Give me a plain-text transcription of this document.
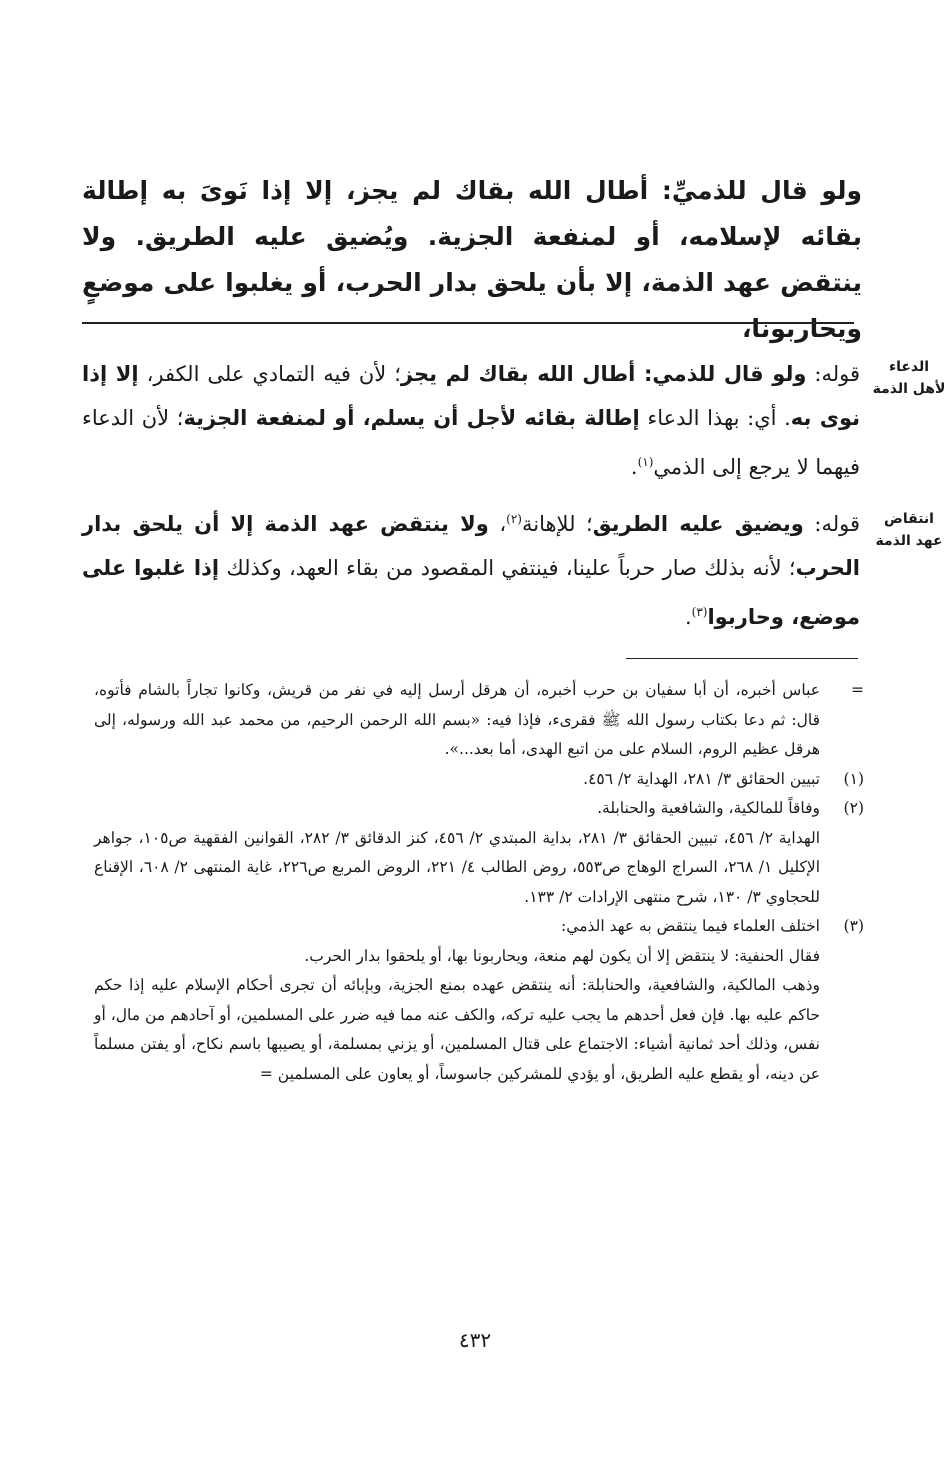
ولو قال للذميِّ: أطال الله بقاك لم يجز، إلا إذا نَوىَ به إطالة بقائه لإسلامه، أو لمنفعة الجزية. ويُضيق عليه الطريق. ولا ينتقض عهد الذمة، إلا بأن يلحق بدار الحرب، أو يغلبوا على موضعٍ ويحاربونا،
الدعاء لأهل الذمة
انتقاض عهد الذمة

قوله: ولو قال للذمي: أطال الله بقاك لم يجز؛ لأن فيه التمادي على الكفر، إلا إذا نوى به. أي: بهذا الدعاء إطالة بقائه لأجل أن يسلم، أو لمنفعة الجزية؛ لأن الدعاء فيهما لا يرجع إلى الذمي$^{(١)}$.

قوله: ويضيق عليه الطريق؛ للإهانة$^{(٢)}$، ولا ينتقض عهد الذمة إلا أن يلحق بدار الحرب؛ لأنه بذلك صار حرباً علينا، فينتفي المقصود من بقاء العهد، وكذلك إذا غلبوا على موضع، وحاربوا$^{(٣)}$.

=
عباس أخبره، أن أبا سفيان بن حرب أخبره، أن هرقل أرسل إليه في نفر من قريش، وكانوا تجاراً بالشام فأتوه، قال: ثم دعا بكتاب رسول الله ﷺ فقرىء، فإذا فيه: «بسم الله الرحمن الرحيم، من محمد عبد الله ورسوله، إلى هرقل عظيم الروم، السلام على من اتبع الهدى، أما بعد...».
(١)
تبيين الحقائق ٣/ ٢٨١، الهداية ٢/ ٤٥٦.
(٢)
وفاقاً للمالكية، والشافعية والحنابلة.
الهداية ٢/ ٤٥٦، تبيين الحقائق ٣/ ٢٨١، بداية المبتدي ٢/ ٤٥٦، كنز الدقائق ٣/ ٢٨٢، القوانين الفقهية ص١٠٥، جواهر الإكليل ١/ ٢٦٨، السراج الوهاج ص٥٥٣، روض الطالب ٤/ ٢٢١، الروض المربع ص٢٢٦، غاية المنتهى ٢/ ٦٠٨، الإقناع للحجاوي ٣/ ١٣٠، شرح منتهى الإرادات ٢/ ١٣٣.
(٣)
اختلف العلماء فيما ينتقض به عهد الذمي:
فقال الحنفية: لا ينتقض إلا أن يكون لهم منعة، ويحاربونا بها، أو يلحقوا بدار الحرب.
وذهب المالكية، والشافعية، والحنابلة: أنه ينتقض عهده بمنع الجزية، وبإبائه أن تجرى أحكام الإسلام عليه إذا حكم حاكم عليه بها. فإن فعل أحدهم ما يجب عليه تركه، والكف عنه مما فيه ضرر على المسلمين، أو آحادهم من مال، أو نفس، وذلك أحد ثمانية أشياء: الاجتماع على قتال المسلمين، أو يزني بمسلمة، أو يصيبها باسم نكاح، أو يفتن مسلماً عن دينه، أو يقطع عليه الطريق، أو يؤدي للمشركين جاسوساً، أو يعاون على المسلمين =
٤٣٢
